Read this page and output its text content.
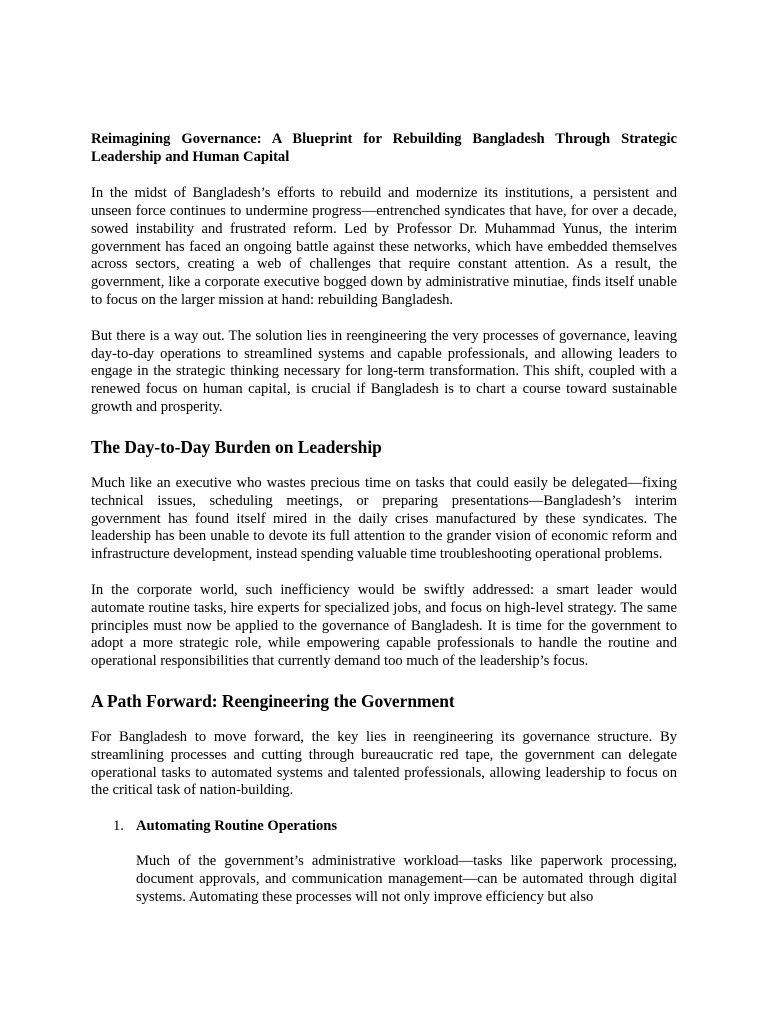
Reimagining Governance: A Blueprint for Rebuilding Bangladesh Through Strategic Leadership and Human Capital

In the midst of Bangladesh’s efforts to rebuild and modernize its institutions, a persistent and unseen force continues to undermine progress—entrenched syndicates that have, for over a decade, sowed instability and frustrated reform. Led by Professor Dr. Muhammad Yunus, the interim government has faced an ongoing battle against these networks, which have embedded themselves across sectors, creating a web of challenges that require constant attention. As a result, the government, like a corporate executive bogged down by administrative minutiae, finds itself unable to focus on the larger mission at hand: rebuilding Bangladesh.

But there is a way out. The solution lies in reengineering the very processes of governance, leaving day-to-day operations to streamlined systems and capable professionals, and allowing leaders to engage in the strategic thinking necessary for long-term transformation. This shift, coupled with a renewed focus on human capital, is crucial if Bangladesh is to chart a course toward sustainable growth and prosperity.

The Day-to-Day Burden on Leadership

Much like an executive who wastes precious time on tasks that could easily be delegated—fixing technical issues, scheduling meetings, or preparing presentations—Bangladesh’s interim government has found itself mired in the daily crises manufactured by these syndicates. The leadership has been unable to devote its full attention to the grander vision of economic reform and infrastructure development, instead spending valuable time troubleshooting operational problems.

In the corporate world, such inefficiency would be swiftly addressed: a smart leader would automate routine tasks, hire experts for specialized jobs, and focus on high-level strategy. The same principles must now be applied to the governance of Bangladesh. It is time for the government to adopt a more strategic role, while empowering capable professionals to handle the routine and operational responsibilities that currently demand too much of the leadership’s focus.

A Path Forward: Reengineering the Government

For Bangladesh to move forward, the key lies in reengineering its governance structure. By streamlining processes and cutting through bureaucratic red tape, the government can delegate operational tasks to automated systems and talented professionals, allowing leadership to focus on the critical task of nation-building.

1. Automating Routine Operations

Much of the government’s administrative workload—tasks like paperwork processing, document approvals, and communication management—can be automated through digital systems. Automating these processes will not only improve efficiency but also
